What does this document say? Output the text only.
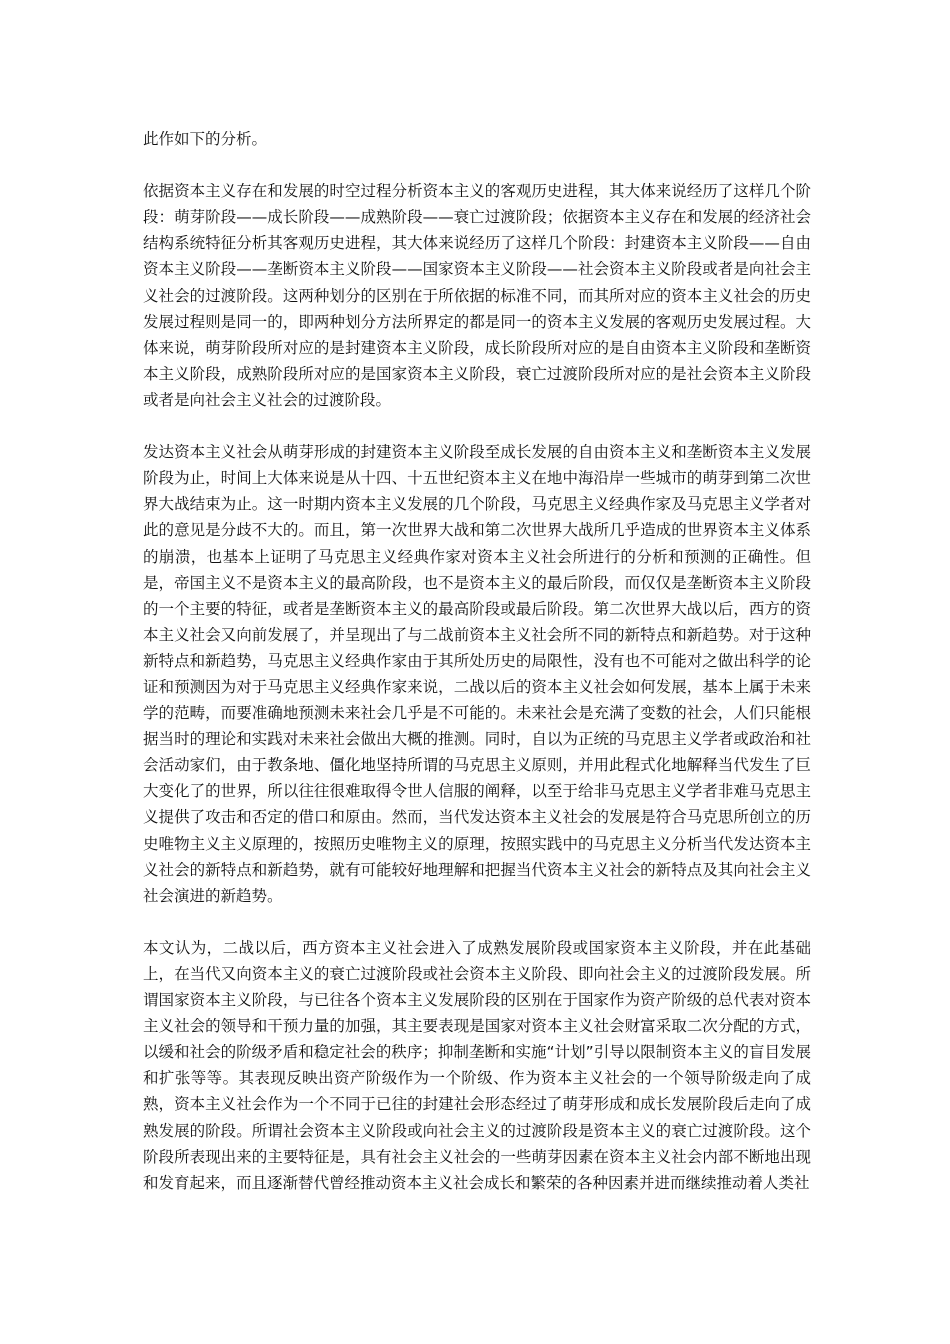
此作如下的分析。

依据资本主义存在和发展的时空过程分析资本主义的客观历史进程，其大体来说经历了这样几个阶段：萌芽阶段——成长阶段——成熟阶段——衰亡过渡阶段；依据资本主义存在和发展的经济社会结构系统特征分析其客观历史进程，其大体来说经历了这样几个阶段：封建资本主义阶段——自由资本主义阶段——垄断资本主义阶段——国家资本主义阶段——社会资本主义阶段或者是向社会主义社会的过渡阶段。这两种划分的区别在于所依据的标准不同，而其所对应的资本主义社会的历史发展过程则是同一的，即两种划分方法所界定的都是同一的资本主义发展的客观历史发展过程。大体来说，萌芽阶段所对应的是封建资本主义阶段，成长阶段所对应的是自由资本主义阶段和垄断资本主义阶段，成熟阶段所对应的是国家资本主义阶段，衰亡过渡阶段所对应的是社会资本主义阶段或者是向社会主义社会的过渡阶段。

发达资本主义社会从萌芽形成的封建资本主义阶段至成长发展的自由资本主义和垄断资本主义发展阶段为止，时间上大体来说是从十四、十五世纪资本主义在地中海沿岸一些城市的萌芽到第二次世界大战结束为止。这一时期内资本主义发展的几个阶段，马克思主义经典作家及马克思主义学者对此的意见是分歧不大的。而且，第一次世界大战和第二次世界大战所几乎造成的世界资本主义体系的崩溃，也基本上证明了马克思主义经典作家对资本主义社会所进行的分析和预测的正确性。但是，帝国主义不是资本主义的最高阶段，也不是资本主义的最后阶段，而仅仅是垄断资本主义阶段的一个主要的特征，或者是垄断资本主义的最高阶段或最后阶段。第二次世界大战以后，西方的资本主义社会又向前发展了，并呈现出了与二战前资本主义社会所不同的新特点和新趋势。对于这种新特点和新趋势，马克思主义经典作家由于其所处历史的局限性，没有也不可能对之做出科学的论证和预测因为对于马克思主义经典作家来说，二战以后的资本主义社会如何发展，基本上属于未来学的范畴，而要准确地预测未来社会几乎是不可能的。未来社会是充满了变数的社会，人们只能根据当时的理论和实践对未来社会做出大概的推测。同时，自以为正统的马克思主义学者或政治和社会活动家们，由于教条地、僵化地坚持所谓的马克思主义原则，并用此程式化地解释当代发生了巨大变化了的世界，所以往往很难取得令世人信服的阐释，以至于给非马克思主义学者非难马克思主义提供了攻击和否定的借口和原由。然而，当代发达资本主义社会的发展是符合马克思所创立的历史唯物主义主义原理的，按照历史唯物主义的原理，按照实践中的马克思主义分析当代发达资本主义社会的新特点和新趋势，就有可能较好地理解和把握当代资本主义社会的新特点及其向社会主义社会演进的新趋势。

本文认为，二战以后，西方资本主义社会进入了成熟发展阶段或国家资本主义阶段，并在此基础上，在当代又向资本主义的衰亡过渡阶段或社会资本主义阶段、即向社会主义的过渡阶段发展。所谓国家资本主义阶段，与已往各个资本主义发展阶段的区别在于国家作为资产阶级的总代表对资本主义社会的领导和干预力量的加强，其主要表现是国家对资本主义社会财富采取二次分配的方式，以缓和社会的阶级矛盾和稳定社会的秩序；抑制垄断和实施“计划”引导以限制资本主义的盲目发展和扩张等等。其表现反映出资产阶级作为一个阶级、作为资本主义社会的一个领导阶级走向了成熟，资本主义社会作为一个不同于已往的封建社会形态经过了萌芽形成和成长发展阶段后走向了成熟发展的阶段。所谓社会资本主义阶段或向社会主义的过渡阶段是资本主义的衰亡过渡阶段。这个阶段所表现出来的主要特征是，具有社会主义社会的一些萌芽因素在资本主义社会内部不断地出现和发育起来，而且逐渐替代曾经推动资本主义社会成长和繁荣的各种因素并进而继续推动着人类社
